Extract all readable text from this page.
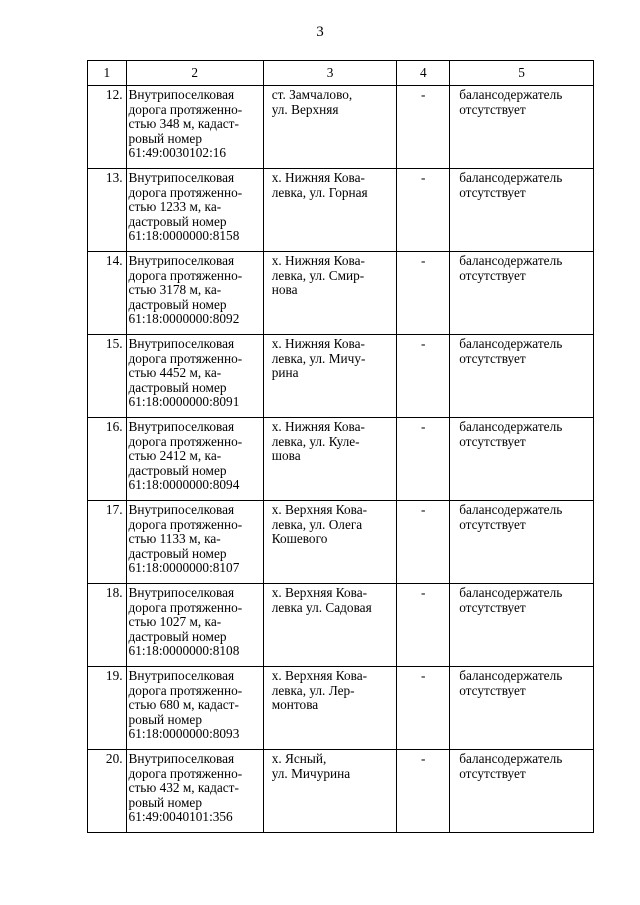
3
1	2	3	4	5
12.	Внутрипоселковая
дорога протяженно-
стью 348 м, кадаст-
ровый номер
61:49:0030102:16	ст. Замчалово,
ул. Верхняя	-	балансодержатель
отсутствует

13.	Внутрипоселковая
дорога протяженно-
стью 1233 м, ка-
дастровый номер
61:18:0000000:8158	х. Нижняя Кова-
левка, ул. Горная	-	балансодержатель
отсутствует

14.	Внутрипоселковая
дорога протяженно-
стью 3178 м, ка-
дастровый номер
61:18:0000000:8092	х. Нижняя Кова-
левка, ул. Смир-
нова	-	балансодержатель
отсутствует

15.	Внутрипоселковая
дорога протяженно-
стью 4452 м, ка-
дастровый номер
61:18:0000000:8091	х. Нижняя Кова-
левка, ул. Мичу-
рина	-	балансодержатель
отсутствует

16.	Внутрипоселковая
дорога протяженно-
стью 2412 м, ка-
дастровый номер
61:18:0000000:8094	х. Нижняя Кова-
левка, ул. Куле-
шова	-	балансодержатель
отсутствует

17.	Внутрипоселковая
дорога протяженно-
стью 1133 м, ка-
дастровый номер
61:18:0000000:8107	х. Верхняя Кова-
левка, ул. Олега
Кошевого	-	балансодержатель
отсутствует

18.	Внутрипоселковая
дорога протяженно-
стью 1027 м, ка-
дастровый номер
61:18:0000000:8108	х. Верхняя Кова-
левка ул. Садовая	-	балансодержатель
отсутствует

19.	Внутрипоселковая
дорога протяженно-
стью 680 м, кадаст-
ровый номер
61:18:0000000:8093	х. Верхняя Кова-
левка, ул. Лер-
монтова	-	балансодержатель
отсутствует

20.	Внутрипоселковая
дорога протяженно-
стью 432 м, кадаст-
ровый номер
61:49:0040101:356	х. Ясный,
ул. Мичурина	-	балансодержатель
отсутствует
